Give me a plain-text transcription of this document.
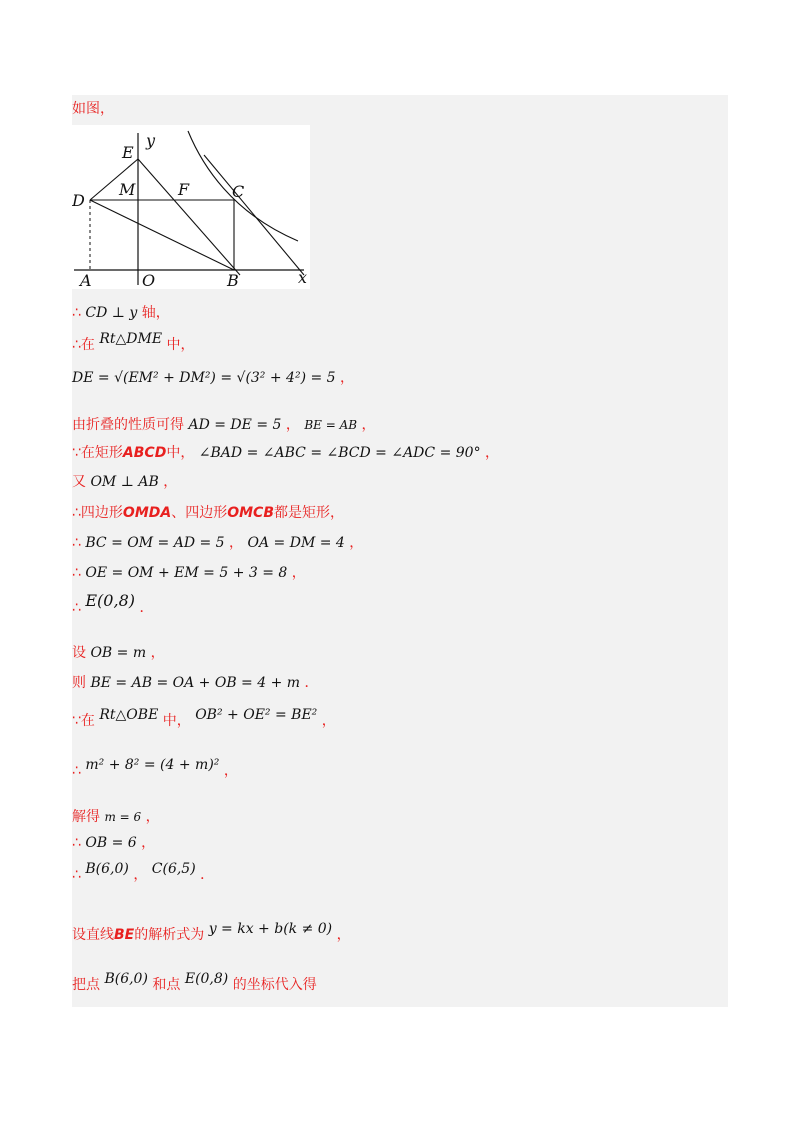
如图，
E
y
M	F	C
D
A	O	B	x
∴ CD ⊥ y 轴，
∴在 Rt△DME 中，
DE = √(EM² + DM²) = √(3² + 4²) = 5 ，
由折叠的性质可得 AD = DE = 5 ， BE = AB ，
∵在矩形ABCD中， ∠BAD = ∠ABC = ∠BCD = ∠ADC = 90° ，
又 OM ⊥ AB ，
∴四边形OMDA、四边形OMCB都是矩形，
∴ BC = OM = AD = 5 ， OA = DM = 4 ，
∴ OE = OM + EM = 5 + 3 = 8 ，
∴ E(0,8) ．
设 OB = m ，
则 BE = AB = OA + OB = 4 + m ．
∵在 Rt△OBE 中， OB² + OE² = BE² ，
∴ m² + 8² = (4 + m)² ，
解得 m = 6 ，
∴ OB = 6 ，
∴ B(6,0) ， C(6,5) ．
设直线BE的解析式为 y = kx + b(k ≠ 0) ，
把点 B(6,0) 和点 E(0,8) 的坐标代入得
